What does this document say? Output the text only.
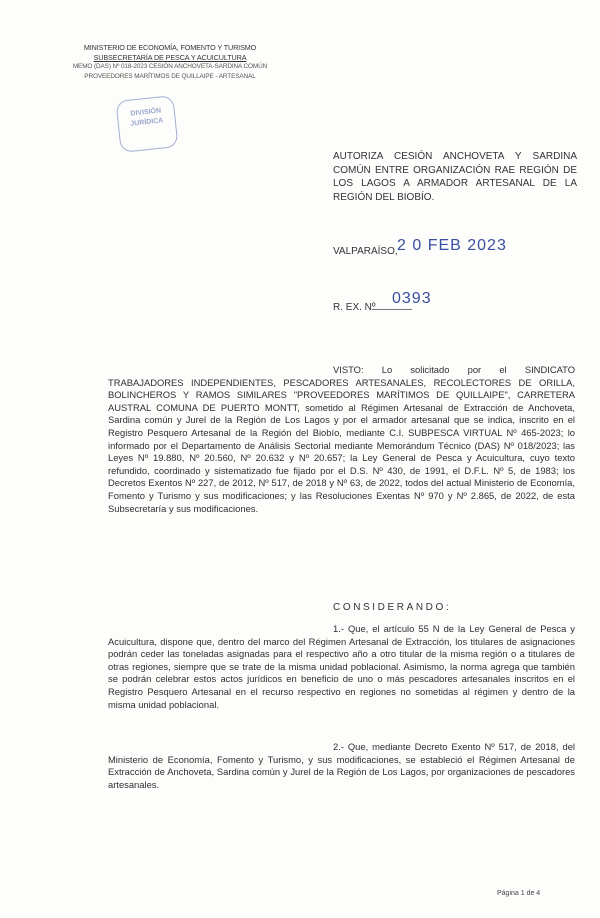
MINISTERIO DE ECONOMÍA, FOMENTO Y TURISMO
SUBSECRETARÍA DE PESCA Y ACUICULTURA
MEMO (DAS) Nº 018-2023 CESIÓN ANCHOVETA-SARDINA COMÚN
PROVEEDORES MARÍTIMOS DE QUILLAIPE - ARTESANAL
DIVISIÓN
JURÍDICA
AUTORIZA CESIÓN ANCHOVETA Y SARDINA COMÚN ENTRE ORGANIZACIÓN RAE REGIÓN DE LOS LAGOS A ARMADOR ARTESANAL DE LA REGIÓN DEL BIOBÍO.
VALPARAÍSO, 2 0 FEB 2023
R. EX. Nº
0393
VISTO: Lo solicitado por el SINDICATO TRABAJADORES INDEPENDIENTES, PESCADORES ARTESANALES, RECOLECTORES DE ORILLA, BOLINCHEROS Y RAMOS SIMILARES "PROVEEDORES MARÍTIMOS DE QUILLAIPE", CARRETERA AUSTRAL COMUNA DE PUERTO MONTT, sometido al Régimen Artesanal de Extracción de Anchoveta, Sardina común y Jurel de la Región de Los Lagos y por el armador artesanal que se indica, inscrito en el Registro Pesquero Artesanal de la Región del Biobío, mediante C.I. SUBPESCA VIRTUAL Nº 465-2023; lo informado por el Departamento de Análisis Sectorial mediante Memorándum Técnico (DAS) Nº 018/2023; las Leyes Nº 19.880, Nº 20.560, Nº 20.632 y Nº 20.657; la Ley General de Pesca y Acuicultura, cuyo texto refundido, coordinado y sistematizado fue fijado por el D.S. Nº 430, de 1991, el D.F.L. Nº 5, de 1983; los Decretos Exentos Nº 227, de 2012, Nº 517, de 2018 y Nº 63, de 2022, todos del actual Ministerio de Economía, Fomento y Turismo y sus modificaciones; y las Resoluciones Exentas Nº 970 y Nº 2.865, de 2022, de esta Subsecretaría y sus modificaciones.
CONSIDERANDO:
1.- Que, el artículo 55 N de la Ley General de Pesca y Acuicultura, dispone que, dentro del marco del Régimen Artesanal de Extracción, los titulares de asignaciones podrán ceder las toneladas asignadas para el respectivo año a otro titular de la misma región o a titulares de otras regiones, siempre que se trate de la misma unidad poblacional. Asimismo, la norma agrega que también se podrán celebrar estos actos jurídicos en beneficio de uno o más pescadores artesanales inscritos en el Registro Pesquero Artesanal en el recurso respectivo en regiones no sometidas al régimen y dentro de la misma unidad poblacional.
2.- Que, mediante Decreto Exento Nº 517, de 2018, del Ministerio de Economía, Fomento y Turismo, y sus modificaciones, se estableció el Régimen Artesanal de Extracción de Anchoveta, Sardina común y Jurel de la Región de Los Lagos, por organizaciones de pescadores artesanales.
Página 1 de 4
